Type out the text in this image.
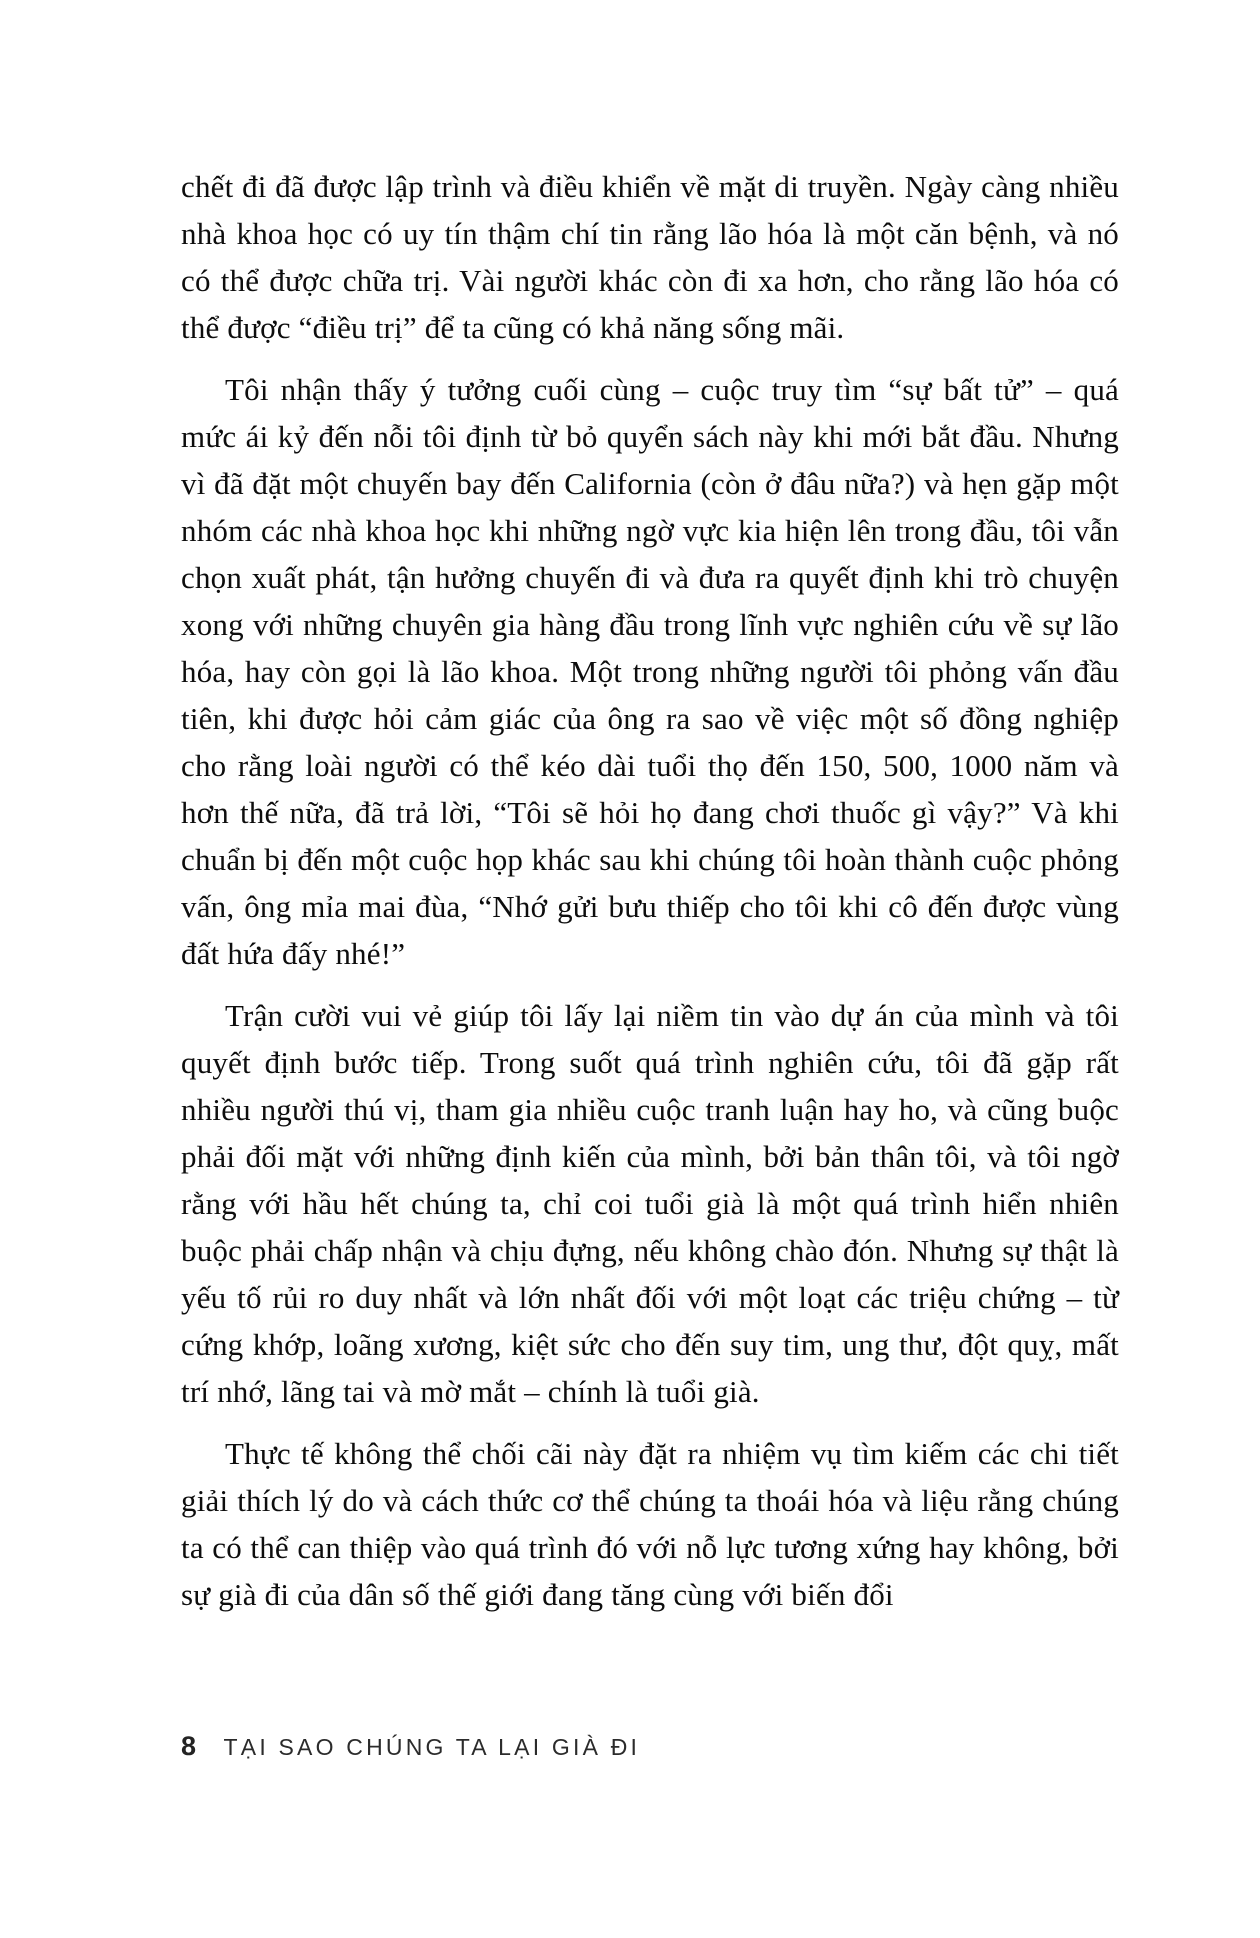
chết đi đã được lập trình và điều khiển về mặt di truyền. Ngày càng nhiều nhà khoa học có uy tín thậm chí tin rằng lão hóa là một căn bệnh, và nó có thể được chữa trị. Vài người khác còn đi xa hơn, cho rằng lão hóa có thể được “điều trị” để ta cũng có khả năng sống mãi.

Tôi nhận thấy ý tưởng cuối cùng – cuộc truy tìm “sự bất tử” – quá mức ái kỷ đến nỗi tôi định từ bỏ quyển sách này khi mới bắt đầu. Nhưng vì đã đặt một chuyến bay đến California (còn ở đâu nữa?) và hẹn gặp một nhóm các nhà khoa học khi những ngờ vực kia hiện lên trong đầu, tôi vẫn chọn xuất phát, tận hưởng chuyến đi và đưa ra quyết định khi trò chuyện xong với những chuyên gia hàng đầu trong lĩnh vực nghiên cứu về sự lão hóa, hay còn gọi là lão khoa. Một trong những người tôi phỏng vấn đầu tiên, khi được hỏi cảm giác của ông ra sao về việc một số đồng nghiệp cho rằng loài người có thể kéo dài tuổi thọ đến 150, 500, 1000 năm và hơn thế nữa, đã trả lời, “Tôi sẽ hỏi họ đang chơi thuốc gì vậy?” Và khi chuẩn bị đến một cuộc họp khác sau khi chúng tôi hoàn thành cuộc phỏng vấn, ông mỉa mai đùa, “Nhớ gửi bưu thiếp cho tôi khi cô đến được vùng đất hứa đấy nhé!”

Trận cười vui vẻ giúp tôi lấy lại niềm tin vào dự án của mình và tôi quyết định bước tiếp. Trong suốt quá trình nghiên cứu, tôi đã gặp rất nhiều người thú vị, tham gia nhiều cuộc tranh luận hay ho, và cũng buộc phải đối mặt với những định kiến của mình, bởi bản thân tôi, và tôi ngờ rằng với hầu hết chúng ta, chỉ coi tuổi già là một quá trình hiển nhiên buộc phải chấp nhận và chịu đựng, nếu không chào đón. Nhưng sự thật là yếu tố rủi ro duy nhất và lớn nhất đối với một loạt các triệu chứng – từ cứng khớp, loãng xương, kiệt sức cho đến suy tim, ung thư, đột quỵ, mất trí nhớ, lãng tai và mờ mắt – chính là tuổi già.

Thực tế không thể chối cãi này đặt ra nhiệm vụ tìm kiếm các chi tiết giải thích lý do và cách thức cơ thể chúng ta thoái hóa và liệu rằng chúng ta có thể can thiệp vào quá trình đó với nỗ lực tương xứng hay không, bởi sự già đi của dân số thế giới đang tăng cùng với biến đổi

8 TẠI SAO CHÚNG TA LẠI GIÀ ĐI
